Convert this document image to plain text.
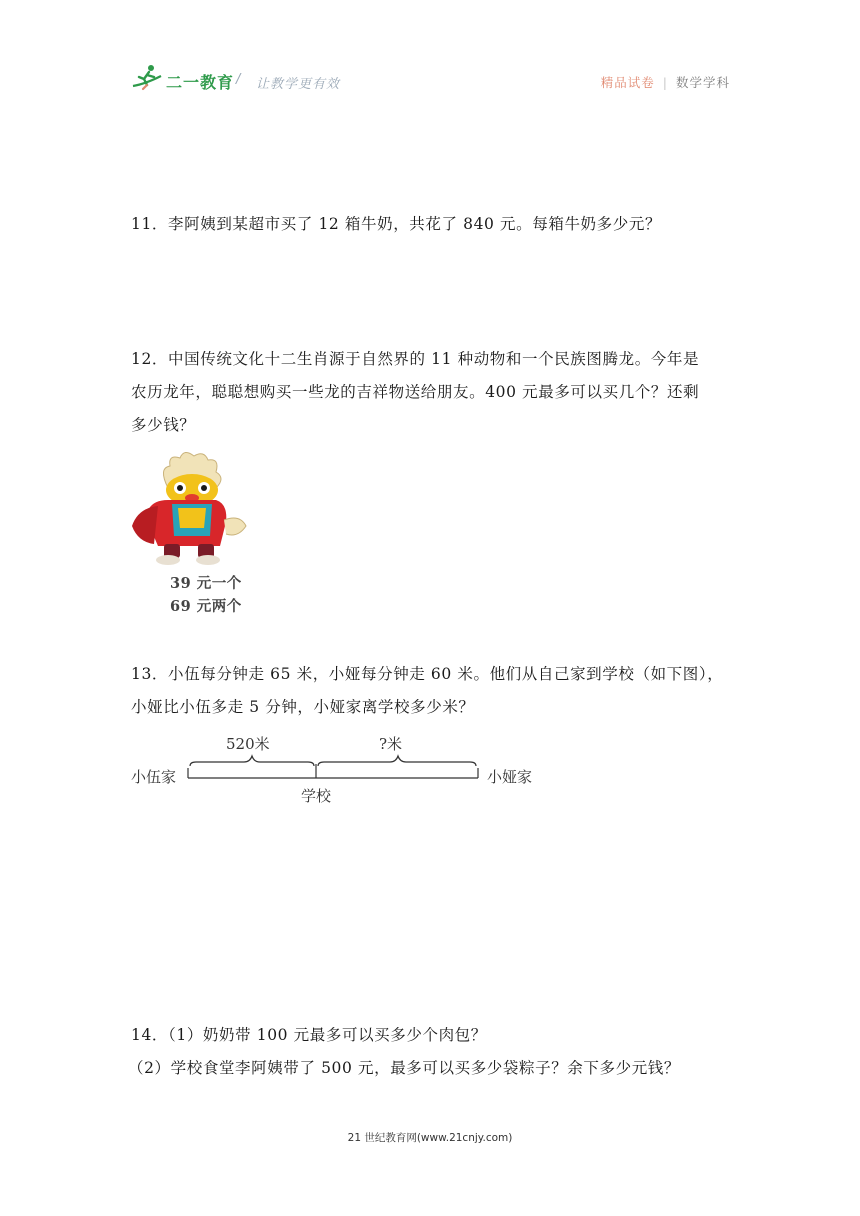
二一教育 / 让教学更有效	精品试卷 | 数学学科

11．李阿姨到某超市买了 12 箱牛奶，共花了 840 元。每箱牛奶多少元？

12．中国传统文化十二生肖源于自然界的 11 种动物和一个民族图腾龙。今年是

农历龙年，聪聪想购买一些龙的吉祥物送给朋友。400 元最多可以买几个？还剩

多少钱？

39 元一个
69 元两个

13．小伍每分钟走 65 米，小娅每分钟走 60 米。他们从自己家到学校（如下图），

小娅比小伍多走 5 分钟，小娅家离学校多少米？

小伍家	小娅家
学校
520米	?米

14．（1）奶奶带 100 元最多可以买多少个肉包？

（2）学校食堂李阿姨带了 500 元，最多可以买多少袋粽子？余下多少元钱？

21 世纪教育网(www.21cnjy.com)
